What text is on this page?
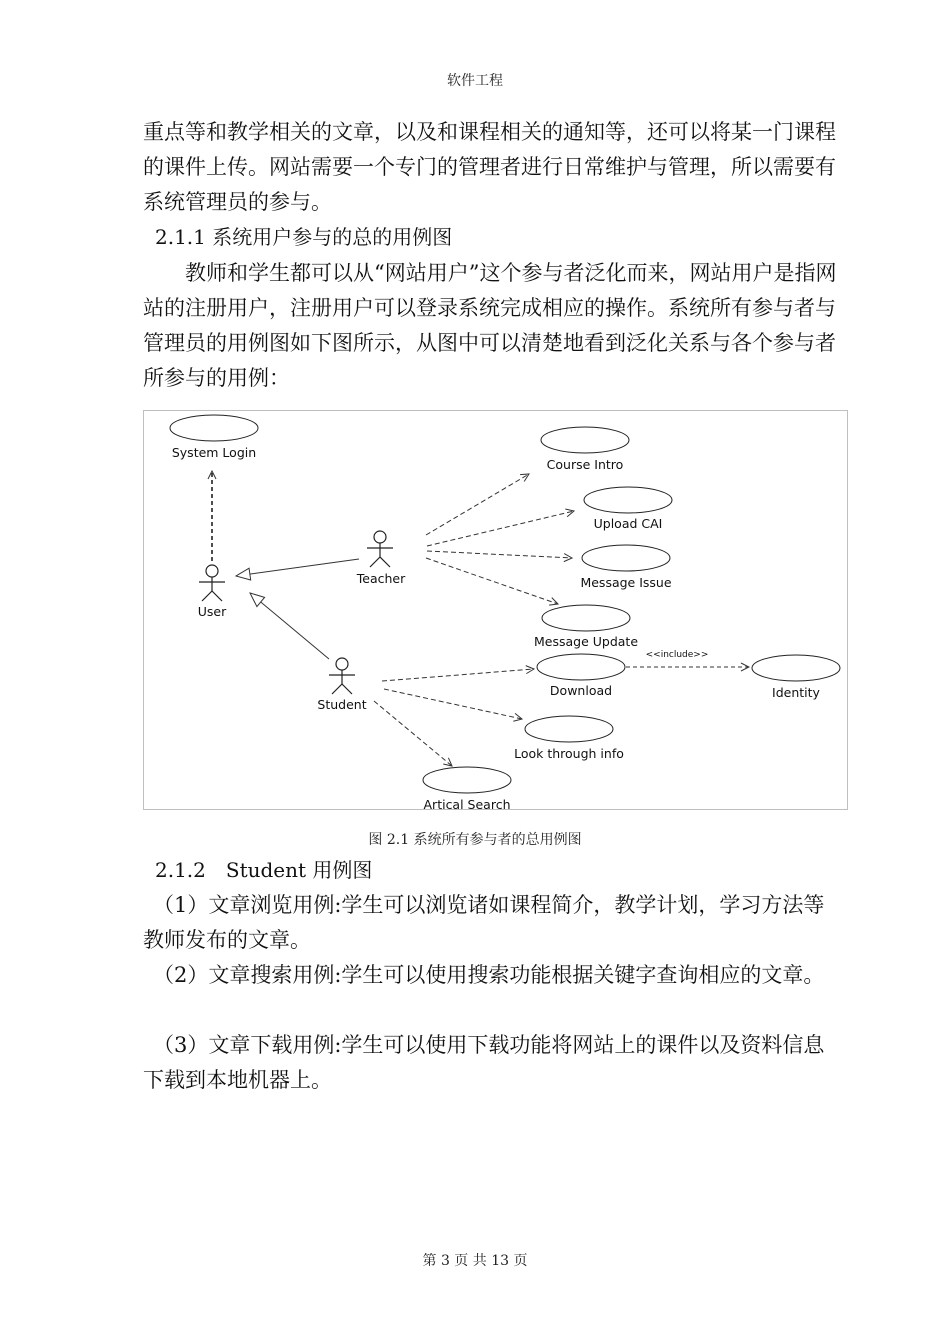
软件工程

重点等和教学相关的文章，以及和课程相关的通知等，还可以将某一门课程的课件上传。网站需要一个专门的管理者进行日常维护与管理，所以需要有系统管理员的参与。

2.1.1 系统用户参与的总的用例图

教师和学生都可以从“网站用户”这个参与者泛化而来，网站用户是指网站的注册用户，注册用户可以登录系统完成相应的操作。系统所有参与者与管理员的用例图如下图所示，从图中可以清楚地看到泛化关系与各个参与者所参与的用例：

System Login
Course Intro
Upload CAI
Message Issue
Message Update
Download	Identity
Look through info
Artical Search
User
Teacher
Student
<<include>>
图 2.1 系统所有参与者的总用例图

2.1.2　Student 用例图

（1）文章浏览用例:学生可以浏览诸如课程简介，教学计划，学习方法等教师发布的文章。

（2）文章搜索用例:学生可以使用搜索功能根据关键字查询相应的文章。

（3）文章下载用例:学生可以使用下载功能将网站上的课件以及资料信息下载到本地机器上。

第 3 页 共 13 页
